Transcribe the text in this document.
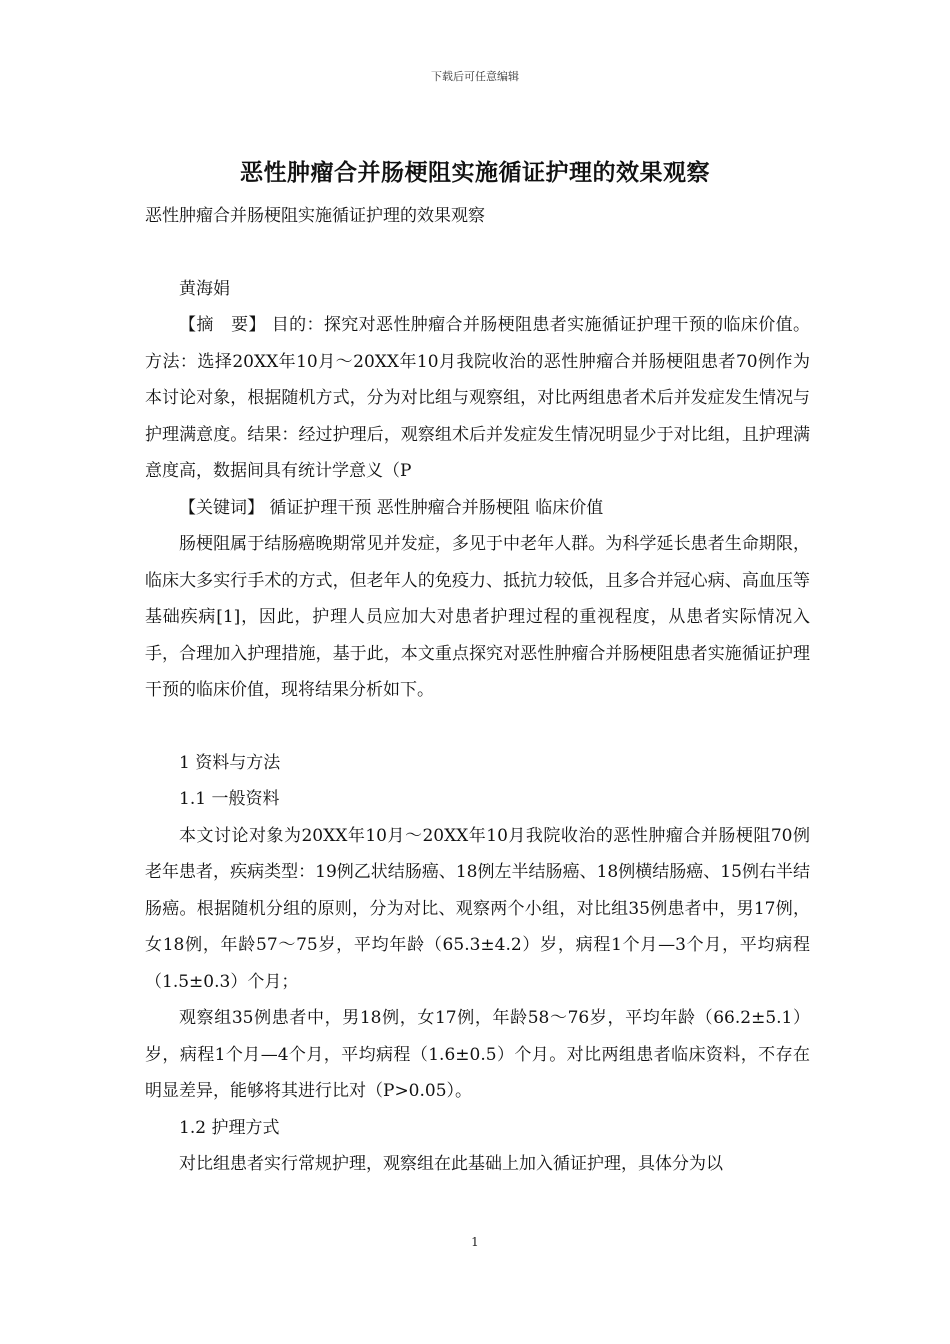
下载后可任意编辑
恶性肿瘤合并肠梗阻实施循证护理的效果观察

恶性肿瘤合并肠梗阻实施循证护理的效果观察

黄海娟

【摘　要】 目的：探究对恶性肿瘤合并肠梗阻患者实施循证护理干预的临床价值。方法：选择20XX年10月～20XX年10月我院收治的恶性肿瘤合并肠梗阻患者70例作为本讨论对象，根据随机方式，分为对比组与观察组，对比两组患者术后并发症发生情况与护理满意度。结果：经过护理后，观察组术后并发症发生情况明显少于对比组，且护理满意度高，数据间具有统计学意义（P

【关键词】 循证护理干预 恶性肿瘤合并肠梗阻 临床价值

肠梗阻属于结肠癌晚期常见并发症，多见于中老年人群。为科学延长患者生命期限，临床大多实行手术的方式，但老年人的免疫力、抵抗力较低，且多合并冠心病、高血压等基础疾病[1]，因此，护理人员应加大对患者护理过程的重视程度，从患者实际情况入手，合理加入护理措施，基于此，本文重点探究对恶性肿瘤合并肠梗阻患者实施循证护理干预的临床价值，现将结果分析如下。

1 资料与方法

1.1 一般资料

本文讨论对象为20XX年10月～20XX年10月我院收治的恶性肿瘤合并肠梗阻70例老年患者，疾病类型：19例乙状结肠癌、18例左半结肠癌、18例横结肠癌、15例右半结肠癌。根据随机分组的原则，分为对比、观察两个小组，对比组35例患者中，男17例，女18例，年龄57～75岁，平均年龄（65.3±4.2）岁，病程1个月—3个月，平均病程（1.5±0.3）个月；

观察组35例患者中，男18例，女17例，年龄58～76岁，平均年龄（66.2±5.1）岁，病程1个月—4个月，平均病程（1.6±0.5）个月。对比两组患者临床资料，不存在明显差异，能够将其进行比对（P>0.05）。

1.2 护理方式

对比组患者实行常规护理，观察组在此基础上加入循证护理，具体分为以

1
